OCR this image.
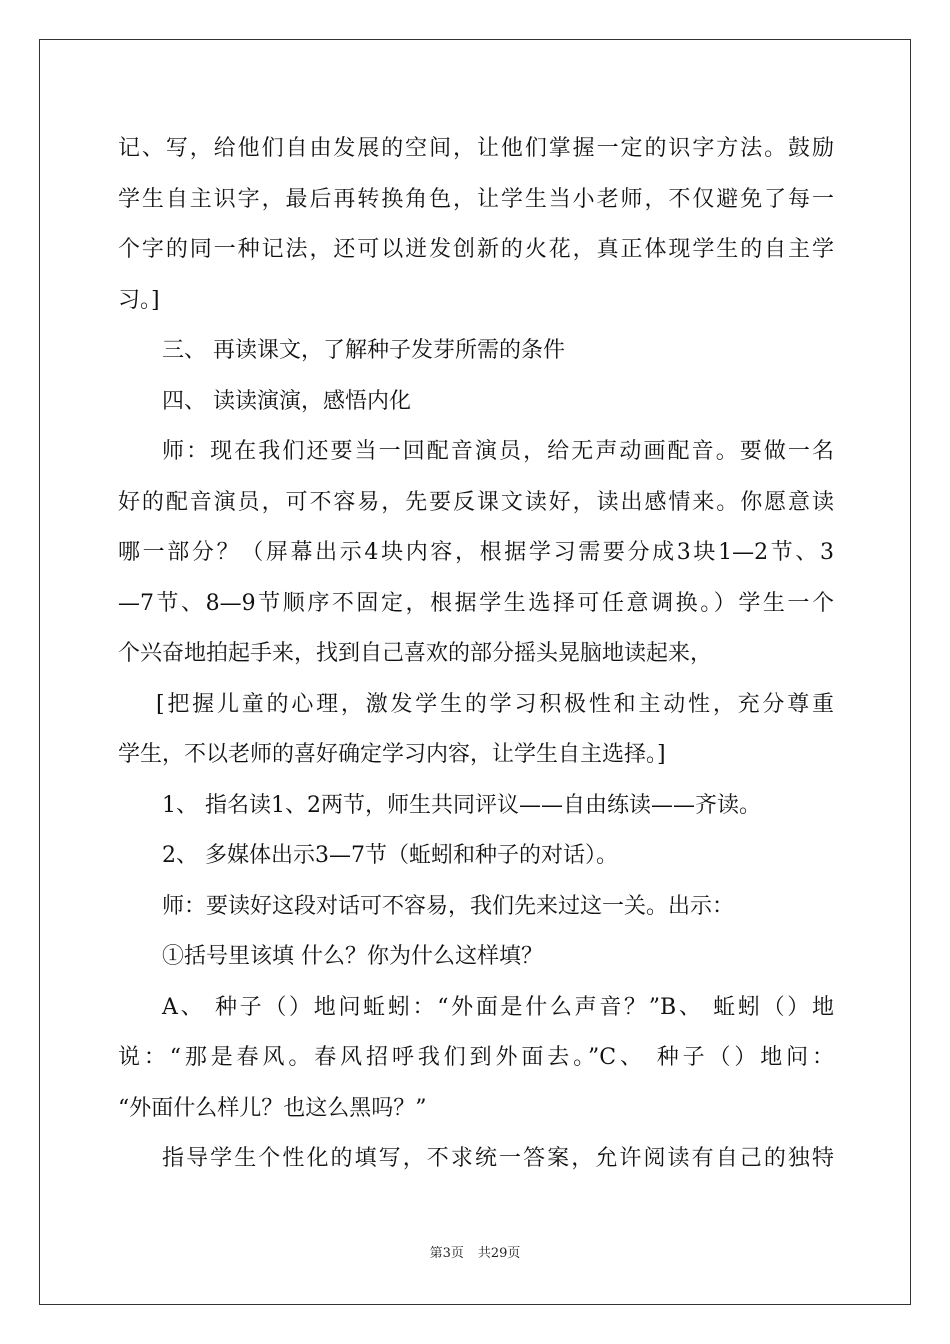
记、写，给他们自由发展的空间，让他们掌握一定的识字方法。鼓励
学生自主识字，最后再转换角色，让学生当小老师，不仅避免了每一
个字的同一种记法，还可以迸发创新的火花，真正体现学生的自主学
习。]
三、 再读课文，了解种子发芽所需的条件
四、 读读演演，感悟内化
师：现在我们还要当一回配音演员，给无声动画配音。要做一名
好的配音演员，可不容易，先要反课文读好，读出感情来。你愿意读
哪一部分？（屏幕出示4块内容，根据学习需要分成3块1—2节、3
—7节、8—9节顺序不固定，根据学生选择可任意调换。）学生一个
个兴奋地拍起手来，找到自己喜欢的部分摇头晃脑地读起来，
[把握儿童的心理，激发学生的学习积极性和主动性，充分尊重
学生，不以老师的喜好确定学习内容，让学生自主选择。]
1、 指名读1、2两节，师生共同评议——自由练读——齐读。
2、 多媒体出示3—7节（蚯蚓和种子的对话）。
师：要读好这段对话可不容易，我们先来过这一关。出示：
①括号里该填 什么？你为什么这样填？
A、 种子（）地问蚯蚓：“外面是什么声音？”B、 蚯蚓（）地
说：“那是春风。春风招呼我们到外面去。”C、 种子（）地问：
“外面什么样儿？也这么黑吗？”
指导学生个性化的填写，不求统一答案，允许阅读有自己的独特
第3页 共29页
